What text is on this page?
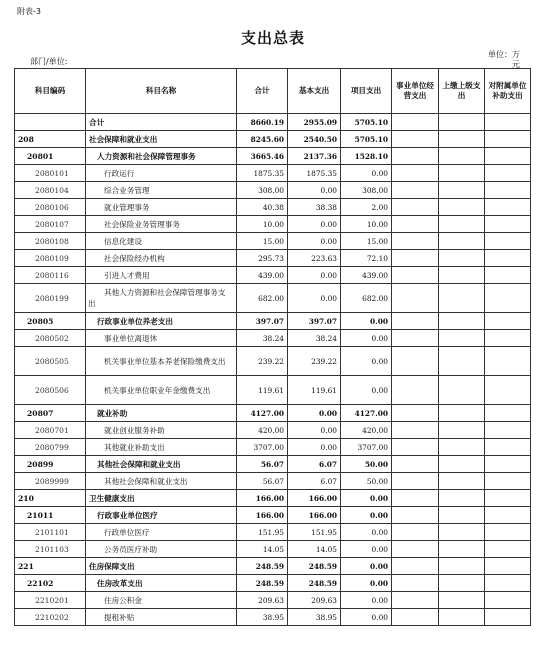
附表-3
支出总表
部门/单位:
单位：万
元
科目编码	科目名称	合计	基本支出	项目支出	事业单位经营支出	上缴上级支出	对附属单位补助支出
	合计	8660.19	2955.09	5705.10			
208	社会保障和就业支出	8245.60	2540.50	5705.10			
20801	人力资源和社会保障管理事务	3665.46	2137.36	1528.10			
2080101	行政运行	1875.35	1875.35	0.00			
2080104	综合业务管理	308.00	0.00	308.00			
2080106	就业管理事务	40.38	38.38	2.00			
2080107	社会保险业务管理事务	10.00	0.00	10.00			
2080108	信息化建设	15.00	0.00	15.00			
2080109	社会保险经办机构	295.73	223.63	72.10			
2080116	引进人才费用	439.00	0.00	439.00			
2080199	其他人力资源和社会保障管理事务支出	682.00	0.00	682.00			
20805	行政事业单位养老支出	397.07	397.07	0.00			
2080502	事业单位离退休	38.24	38.24	0.00			
2080505	机关事业单位基本养老保险缴费支出	239.22	239.22	0.00			
2080506	机关事业单位职业年金缴费支出	119.61	119.61	0.00			
20807	就业补助	4127.00	0.00	4127.00			
2080701	就业创业服务补助	420.00	0.00	420.00			
2080799	其他就业补助支出	3707.00	0.00	3707.00			
20899	其他社会保障和就业支出	56.07	6.07	50.00			
2089999	其他社会保障和就业支出	56.07	6.07	50.00			
210	卫生健康支出	166.00	166.00	0.00			
21011	行政事业单位医疗	166.00	166.00	0.00			
2101101	行政单位医疗	151.95	151.95	0.00			
2101103	公务员医疗补助	14.05	14.05	0.00			
221	住房保障支出	248.59	248.59	0.00			
22102	住房改革支出	248.59	248.59	0.00			
2210201	住房公积金	209.63	209.63	0.00			
2210202	提租补贴	38.95	38.95	0.00			
